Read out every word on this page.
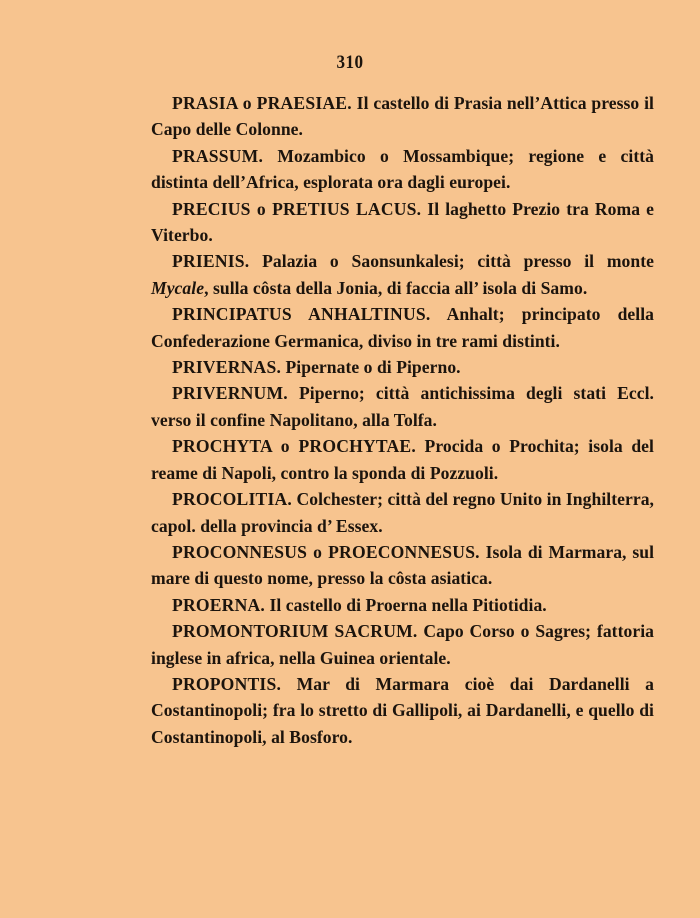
310

PRASIA o PRAESIAE. Il castello di Prasia nell’Attica presso il Capo delle Colonne.

PRASSUM. Mozambico o Mossambique; regione e città distinta dell’Africa, esplorata ora dagli europei.

PRECIUS o PRETIUS LACUS. Il laghetto Prezio tra Roma e Viterbo.

PRIENIS. Palazia o Saonsunkalesi; città presso il monte Mycale, sulla côsta della Jonia, di faccia all’ isola di Samo.

PRINCIPATUS ANHALTINUS. Anhalt; principato della Confederazione Germanica, diviso in tre rami distinti.

PRIVERNAS. Pipernate o di Piperno.

PRIVERNUM. Piperno; città antichissima degli stati Eccl. verso il confine Napolitano, alla Tolfa.

PROCHYTA o PROCHYTAE. Procida o Prochita; isola del reame di Napoli, contro la sponda di Pozzuoli.

PROCOLITIA. Colchester; città del regno Unito in Inghilterra, capol. della provincia d’ Essex.

PROCONNESUS o PROECONNESUS. Isola di Marmara, sul mare di questo nome, presso la côsta asiatica.

PROERNA. Il castello di Proerna nella Pitiotidia.

PROMONTORIUM SACRUM. Capo Corso o Sagres; fattoria inglese in africa, nella Guinea orientale.

PROPONTIS. Mar di Marmara cioè dai Dardanelli a Costantinopoli; fra lo stretto di Gallipoli, ai Dardanelli, e quello di Costantinopoli, al Bosforo.
